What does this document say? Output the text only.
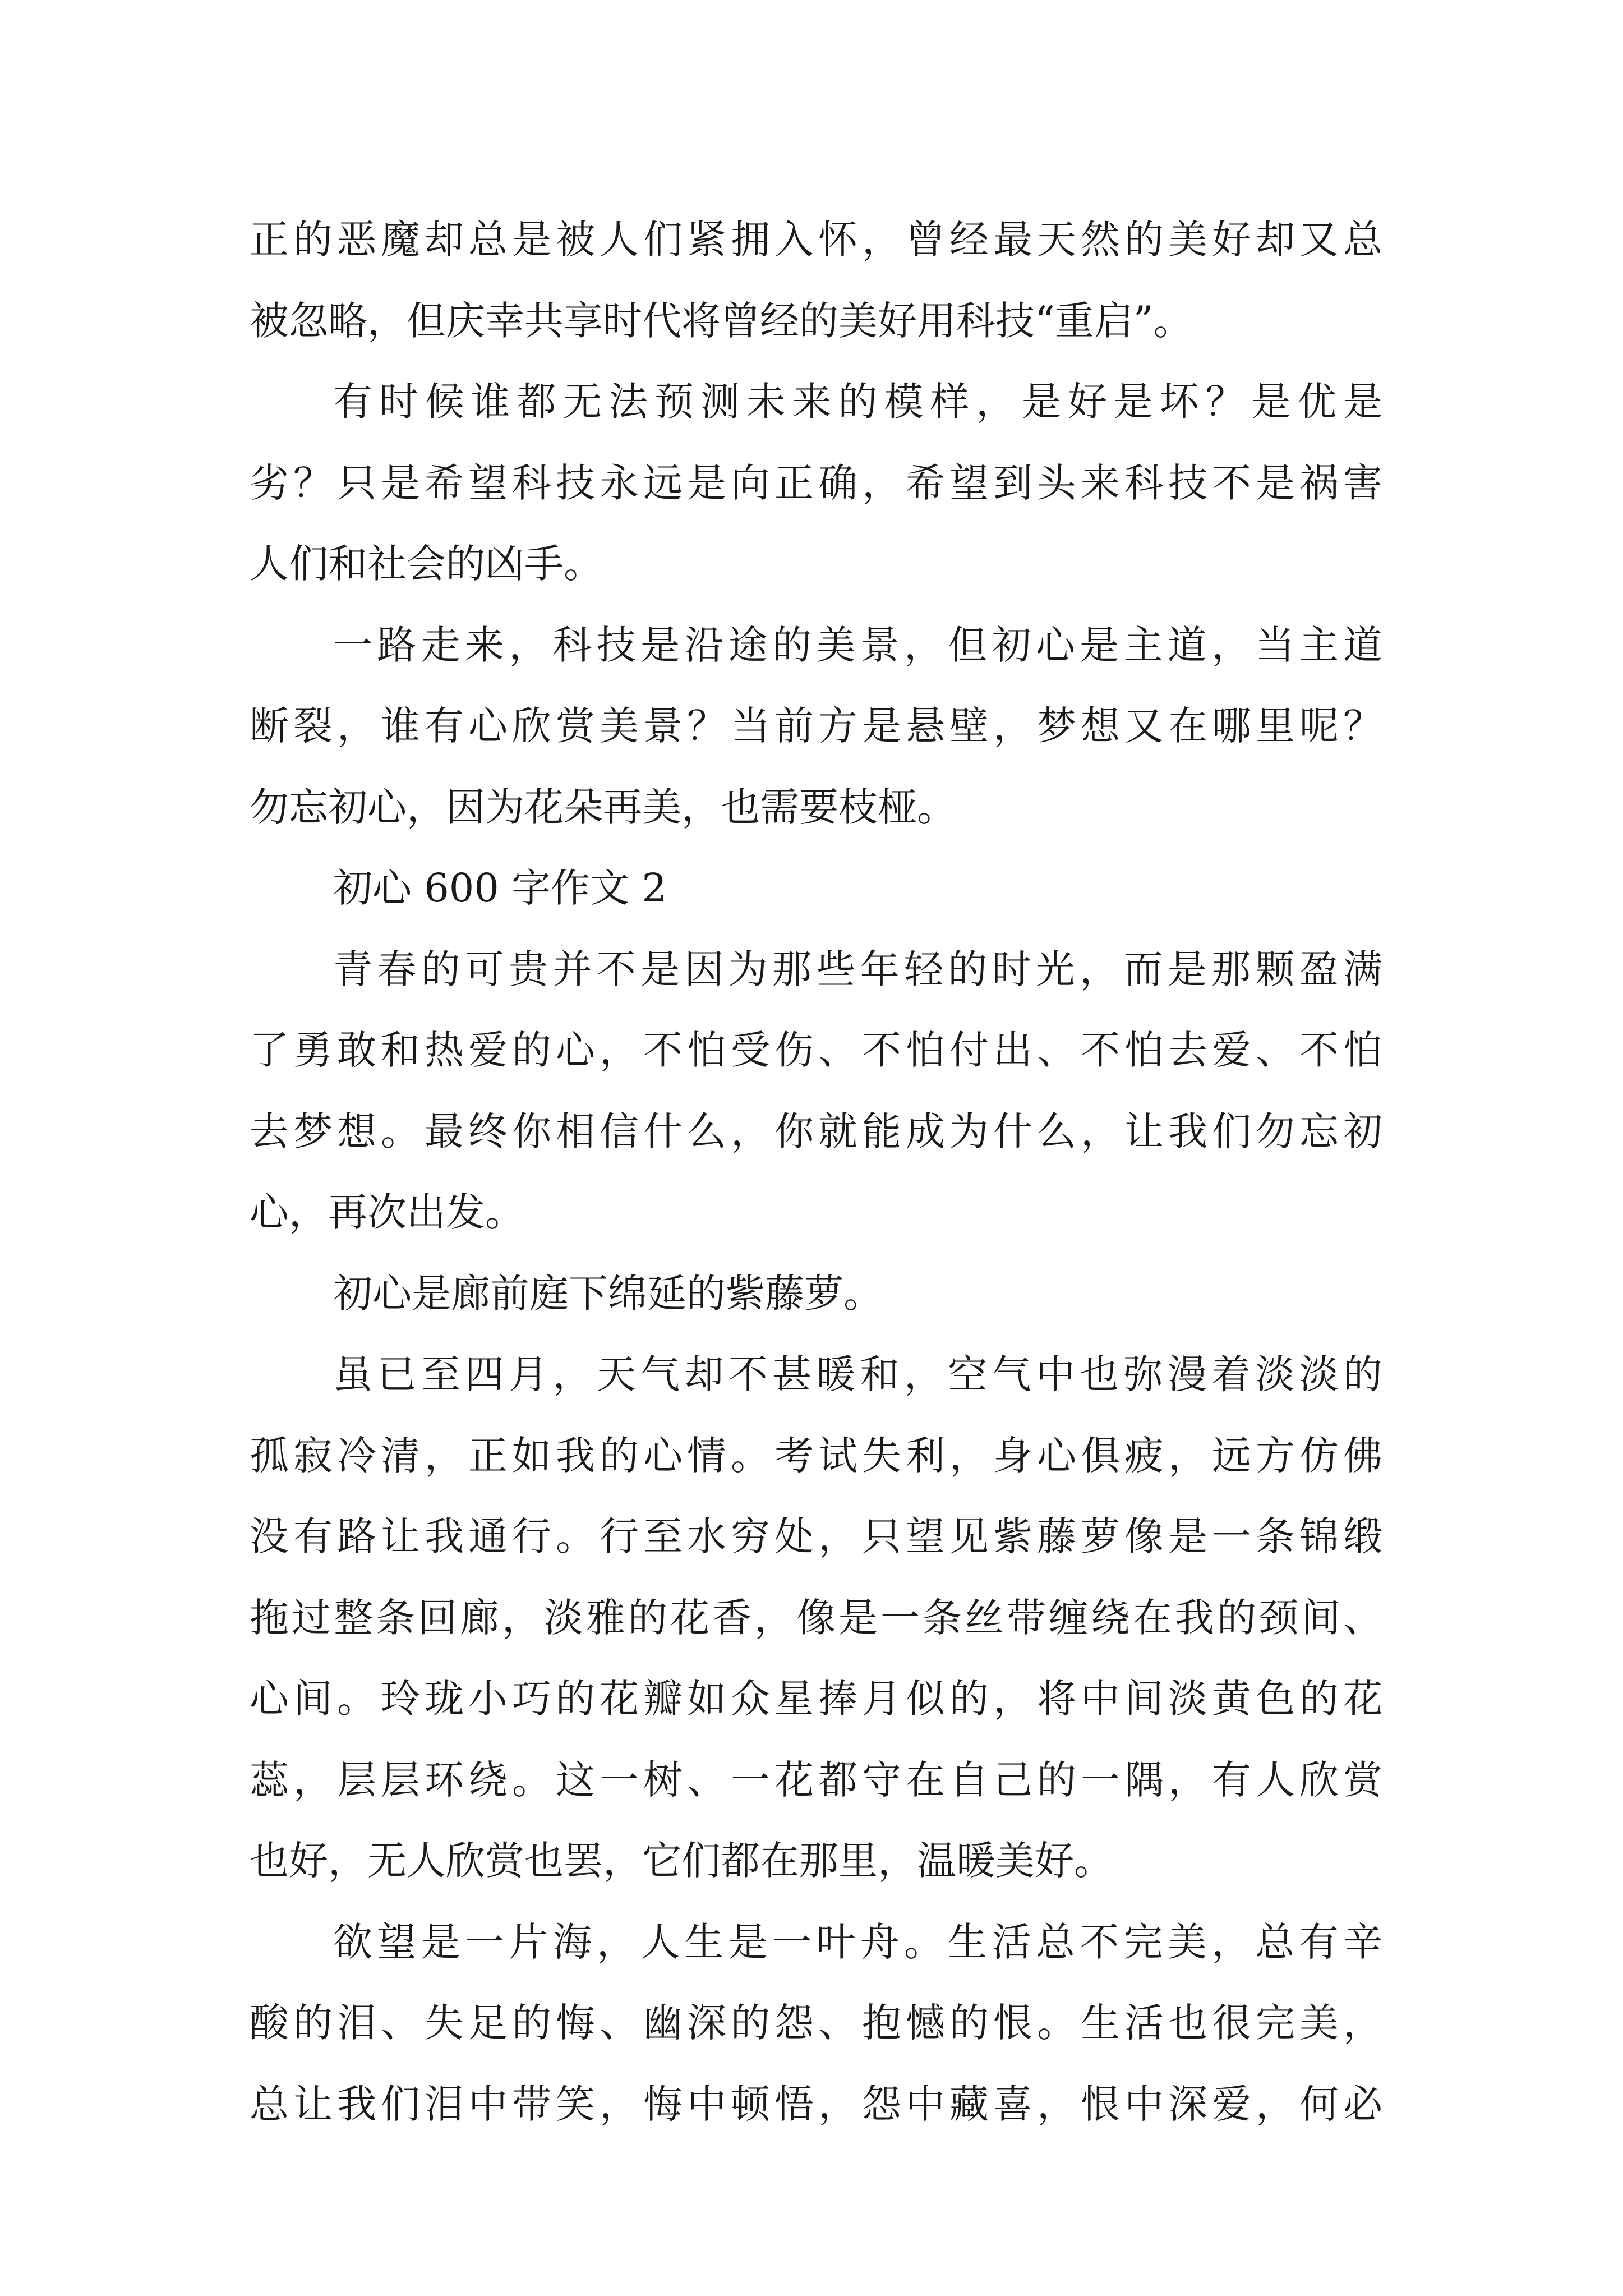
正的恶魔却总是被人们紧拥入怀，曾经最天然的美好却又总
被忽略，但庆幸共享时代将曾经的美好用科技“重启”。
有时候谁都无法预测未来的模样，是好是坏？是优是
劣？只是希望科技永远是向正确，希望到头来科技不是祸害
人们和社会的凶手。
一路走来，科技是沿途的美景，但初心是主道，当主道
断裂，谁有心欣赏美景？当前方是悬壁，梦想又在哪里呢？
勿忘初心，因为花朵再美，也需要枝桠。
初心 600 字作文 2
青春的可贵并不是因为那些年轻的时光，而是那颗盈满
了勇敢和热爱的心，不怕受伤、不怕付出、不怕去爱、不怕
去梦想。最终你相信什么，你就能成为什么，让我们勿忘初
心，再次出发。
初心是廊前庭下绵延的紫藤萝。
虽已至四月，天气却不甚暖和，空气中也弥漫着淡淡的
孤寂冷清，正如我的心情。考试失利，身心俱疲，远方仿佛
没有路让我通行。行至水穷处，只望见紫藤萝像是一条锦缎
拖过整条回廊，淡雅的花香，像是一条丝带缠绕在我的颈间、
心间。玲珑小巧的花瓣如众星捧月似的，将中间淡黄色的花
蕊，层层环绕。这一树、一花都守在自己的一隅，有人欣赏
也好，无人欣赏也罢，它们都在那里，温暖美好。
欲望是一片海，人生是一叶舟。生活总不完美，总有辛
酸的泪、失足的悔、幽深的怨、抱憾的恨。生活也很完美，
总让我们泪中带笑，悔中顿悟，怨中藏喜，恨中深爱，何必
